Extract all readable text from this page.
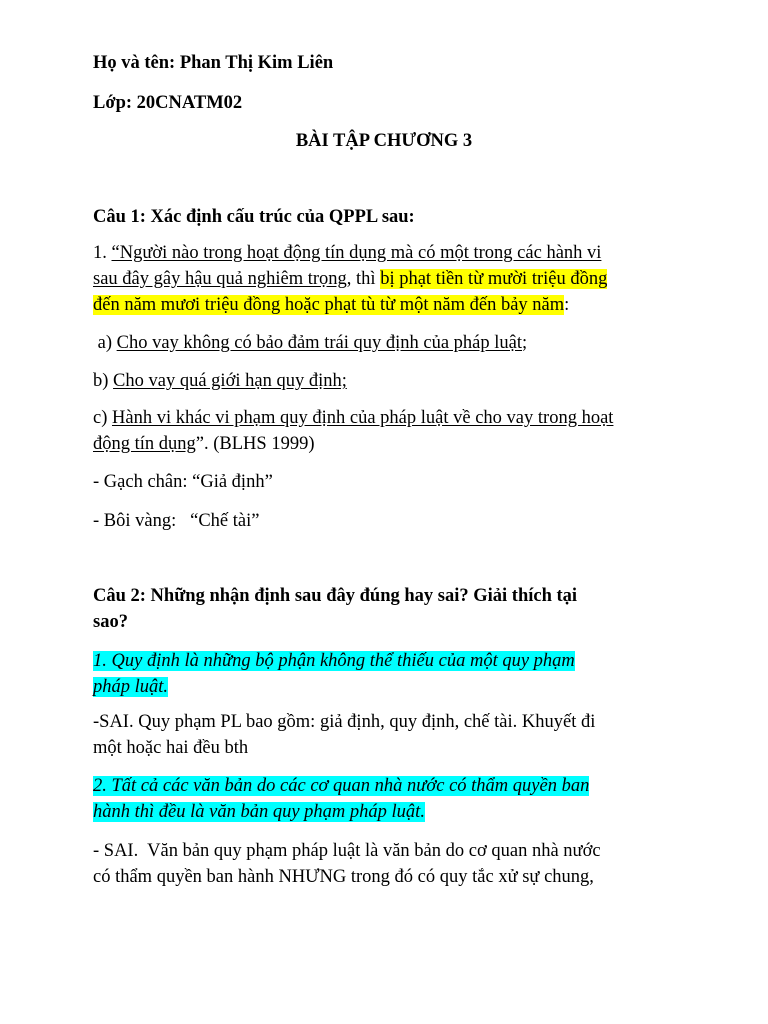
Họ và tên: Phan Thị Kim Liên
Lớp: 20CNATM02
BÀI TẬP CHƯƠNG 3
Câu 1: Xác định cấu trúc của QPPL sau:
1. “Người nào trong hoạt động tín dụng mà có một trong các hành vi
sau đây gây hậu quả nghiêm trọng, thì bị phạt tiền từ mười triệu đồng
đến năm mươi triệu đồng hoặc phạt tù từ một năm đến bảy năm:
a) Cho vay không có bảo đảm trái quy định của pháp luật;
b) Cho vay quá giới hạn quy định;
c) Hành vi khác vi phạm quy định của pháp luật về cho vay trong hoạt
động tín dụng”. (BLHS 1999)
- Gạch chân: “Giả định”
- Bôi vàng:   “Chế tài”
Câu 2: Những nhận định sau đây đúng hay sai? Giải thích tại
sao?
1. Quy định là những bộ phận không thể thiếu của một quy phạm
pháp luật.
-SAI. Quy phạm PL bao gồm: giả định, quy định, chế tài. Khuyết đi
một hoặc hai đều bth
2. Tất cả các văn bản do các cơ quan nhà nước có thẩm quyền ban
hành thì đều là văn bản quy phạm pháp luật.
- SAI.  Văn bản quy phạm pháp luật là văn bản do cơ quan nhà nước
có thẩm quyền ban hành NHƯNG trong đó có quy tắc xử sự chung,
